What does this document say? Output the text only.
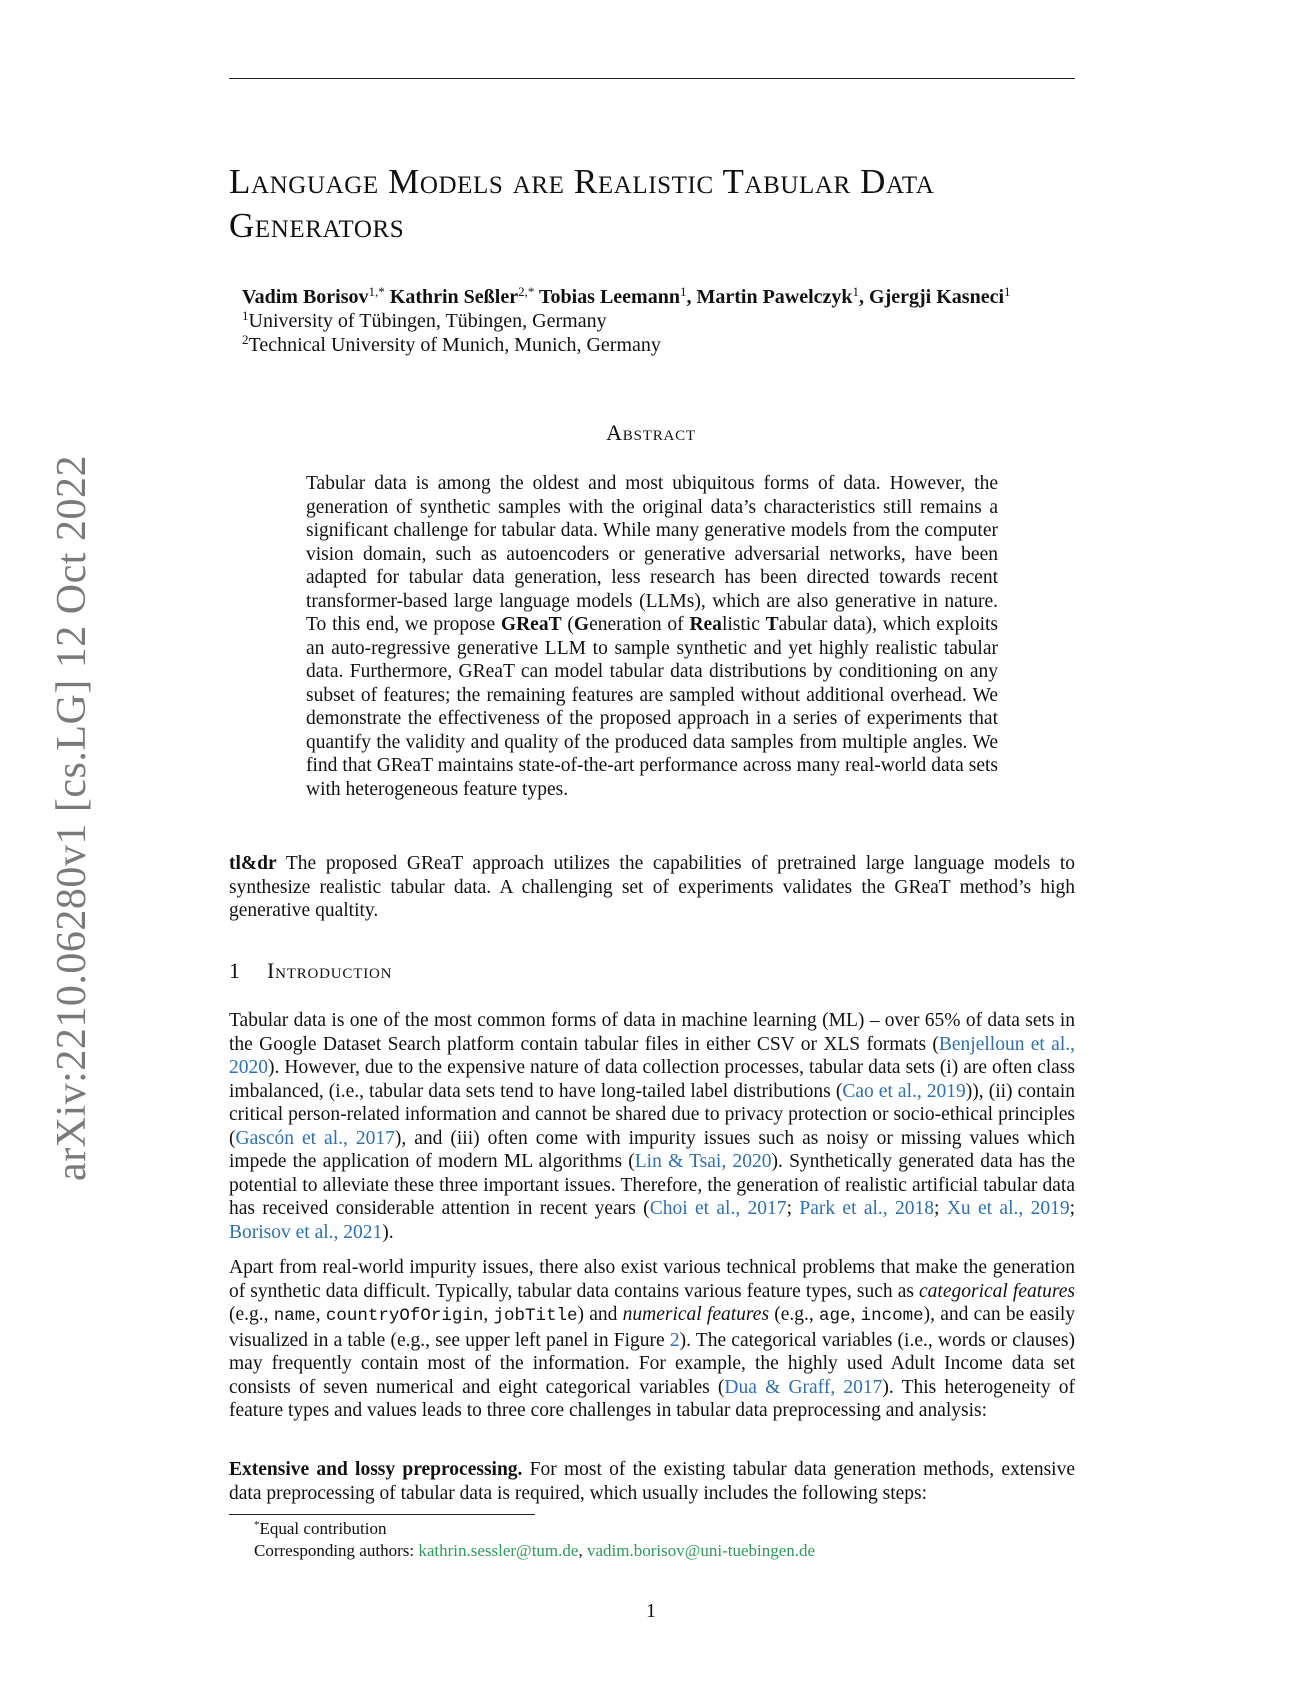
arXiv:2210.06280v1 [cs.LG] 12 Oct 2022
Language Models are Realistic Tabular Data Generators
Vadim Borisov$^{1,*}$ Kathrin Seßler$^{2,*}$ Tobias Leemann$^1$, Martin Pawelczyk$^1$, Gjergji Kasneci$^1$
$^1$University of Tübingen, Tübingen, Germany
$^2$Technical University of Munich, Munich, Germany
Abstract

Tabular data is among the oldest and most ubiquitous forms of data. However, the generation of synthetic samples with the original data’s characteristics still remains a significant challenge for tabular data. While many generative models from the computer vision domain, such as autoencoders or generative adversarial networks, have been adapted for tabular data generation, less research has been directed towards recent transformer-based large language models (LLMs), which are also generative in nature. To this end, we propose GReaT (Generation of Realistic Tabular data), which exploits an auto-regressive generative LLM to sample synthetic and yet highly realistic tabular data. Furthermore, GReaT can model tabular data distributions by conditioning on any subset of features; the remaining features are sampled without additional overhead. We demonstrate the effectiveness of the proposed approach in a series of experiments that quantify the validity and quality of the produced data samples from multiple angles. We find that GReaT maintains state-of-the-art performance across many real-world data sets with heterogeneous feature types.

tl&dr The proposed GReaT approach utilizes the capabilities of pretrained large language models to synthesize realistic tabular data. A challenging set of experiments validates the GReaT method’s high generative qualtity.

1 Introduction

Tabular data is one of the most common forms of data in machine learning (ML) – over 65% of data sets in the Google Dataset Search platform contain tabular files in either CSV or XLS formats (Benjelloun et al., 2020). However, due to the expensive nature of data collection processes, tabular data sets (i) are often class imbalanced, (i.e., tabular data sets tend to have long-tailed label distributions (Cao et al., 2019)), (ii) contain critical person-related information and cannot be shared due to privacy protection or socio-ethical principles (Gascón et al., 2017), and (iii) often come with impurity issues such as noisy or missing values which impede the application of modern ML algorithms (Lin & Tsai, 2020). Synthetically generated data has the potential to alleviate these three important issues. Therefore, the generation of realistic artificial tabular data has received considerable attention in recent years (Choi et al., 2017; Park et al., 2018; Xu et al., 2019; Borisov et al., 2021).

Apart from real-world impurity issues, there also exist various technical problems that make the generation of synthetic data difficult. Typically, tabular data contains various feature types, such as categorical features (e.g., name, countryOfOrigin, jobTitle) and numerical features (e.g., age, income), and can be easily visualized in a table (e.g., see upper left panel in Figure 2). The categorical variables (i.e., words or clauses) may frequently contain most of the information. For example, the highly used Adult Income data set consists of seven numerical and eight categorical variables (Dua & Graff, 2017). This heterogeneity of feature types and values leads to three core challenges in tabular data preprocessing and analysis:

Extensive and lossy preprocessing. For most of the existing tabular data generation methods, extensive data preprocessing of tabular data is required, which usually includes the following steps:

*Equal contribution
Corresponding authors: kathrin.sessler@tum.de, vadim.borisov@uni-tuebingen.de
1
